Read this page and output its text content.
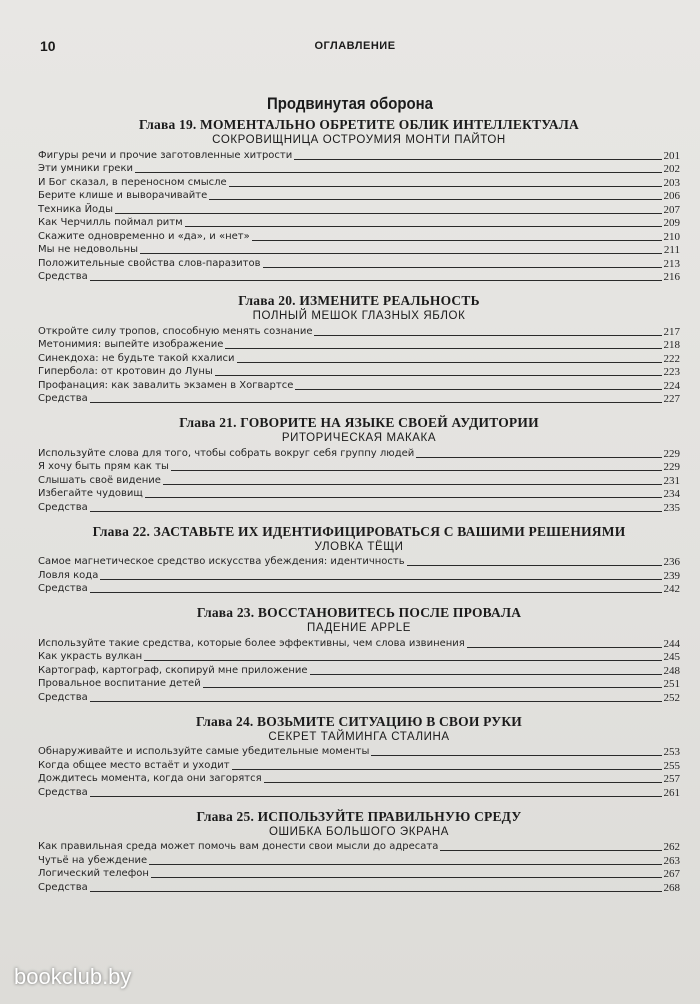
10	ОГЛАВЛЕНИЕ
Продвинутая оборона
Глава 19. МОМЕНТАЛЬНО ОБРЕТИТЕ ОБЛИК ИНТЕЛЛЕКТУАЛА
СОКРОВИЩНИЦА ОСТРОУМИЯ МОНТИ ПАЙТОН
Фигуры речи и прочие заготовленные хитрости	201
Эти умники греки	202
И Бог сказал, в переносном смысле	203
Берите клише и выворачивайте	206
Техника Йоды	207
Как Черчилль поймал ритм	209
Скажите одновременно и «да», и «нет»	210
Мы не недовольны	211
Положительные свойства слов-паразитов	213
Средства	216
Глава 20. ИЗМЕНИТЕ РЕАЛЬНОСТЬ
ПОЛНЫЙ МЕШОК ГЛАЗНЫХ ЯБЛОК
Откройте силу тропов, способную менять сознание	217
Метонимия: выпейте изображение	218
Синекдоха: не будьте такой кхалиси	222
Гипербола: от кротовин до Луны	223
Профанация: как завалить экзамен в Хогвартсе	224
Средства	227
Глава 21. ГОВОРИТЕ НА ЯЗЫКЕ СВОЕЙ АУДИТОРИИ
РИТОРИЧЕСКАЯ МАКАКА
Используйте слова для того, чтобы собрать вокруг себя группу людей	229
Я хочу быть прям как ты	229
Слышать своё видение	231
Избегайте чудовищ	234
Средства	235
Глава 22. ЗАСТАВЬТЕ ИХ ИДЕНТИФИЦИРОВАТЬСЯ С ВАШИМИ РЕШЕНИЯМИ
УЛОВКА ТЁЩИ
Самое магнетическое средство искусства убеждения: идентичность	236
Ловля кода	239
Средства	242
Глава 23. ВОССТАНОВИТЕСЬ ПОСЛЕ ПРОВАЛА
ПАДЕНИЕ APPLE
Используйте такие средства, которые более эффективны, чем слова извинения	244
Как украсть вулкан	245
Картограф, картограф, скопируй мне приложение	248
Провальное воспитание детей	251
Средства	252
Глава 24. ВОЗЬМИТЕ СИТУАЦИЮ В СВОИ РУКИ
СЕКРЕТ ТАЙМИНГА СТАЛИНА
Обнаруживайте и используйте самые убедительные моменты	253
Когда общее место встаёт и уходит	255
Дождитесь момента, когда они загорятся	257
Средства	261
Глава 25. ИСПОЛЬЗУЙТЕ ПРАВИЛЬНУЮ СРЕДУ
ОШИБКА БОЛЬШОГО ЭКРАНА
Как правильная среда может помочь вам донести свои мысли до адресата	262
Чутьё на убеждение	263
Логический телефон	267
Средства	268
bookclub.by
